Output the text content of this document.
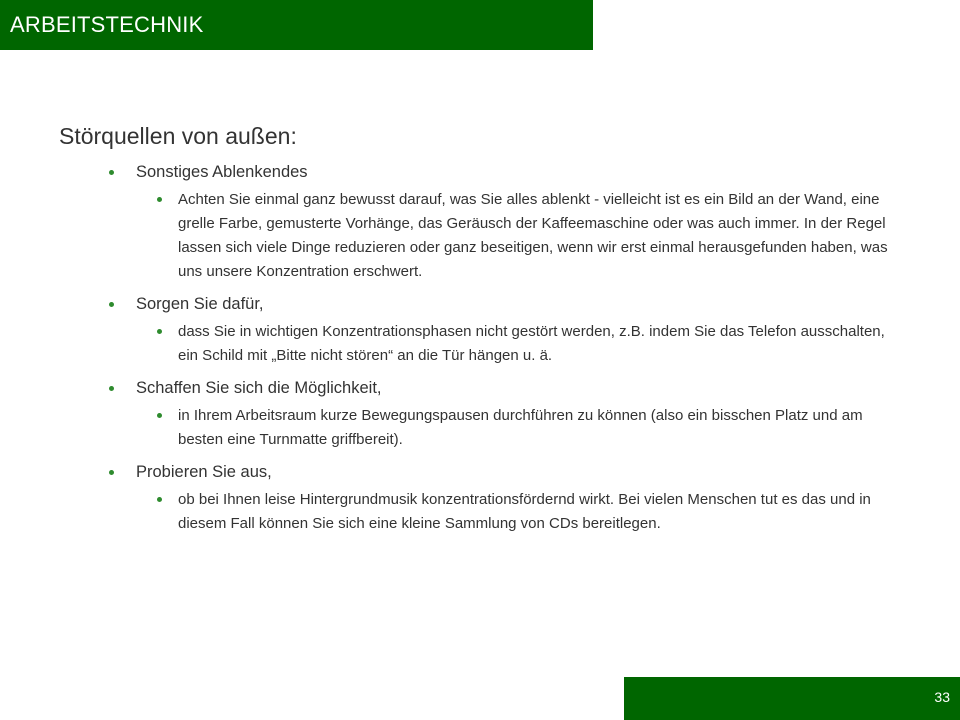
ARBEITSTECHNIK
Störquellen von außen:
Sonstiges Ablenkendes
Achten Sie einmal ganz bewusst darauf, was Sie alles ablenkt - vielleicht ist es ein Bild an der Wand, eine grelle Farbe, gemusterte Vorhänge, das Geräusch der Kaffeemaschine oder was auch immer. In der Regel lassen sich viele Dinge reduzieren oder ganz beseitigen, wenn wir erst einmal herausgefunden haben, was uns unsere Konzentration erschwert.
Sorgen Sie dafür,
dass Sie in wichtigen Konzentrationsphasen nicht gestört werden, z.B. indem Sie das Telefon ausschalten, ein Schild mit „Bitte nicht stören“ an die Tür hängen u. ä.
Schaffen Sie sich die Möglichkeit,
in Ihrem Arbeitsraum kurze Bewegungspausen durchführen zu können (also ein bisschen Platz und am besten eine Turnmatte griffbereit).
Probieren Sie aus,
ob bei Ihnen leise Hintergrundmusik konzentrationsfördernd wirkt. Bei vielen Menschen tut es das und in diesem Fall können Sie sich eine kleine Sammlung von CDs bereitlegen.
33
